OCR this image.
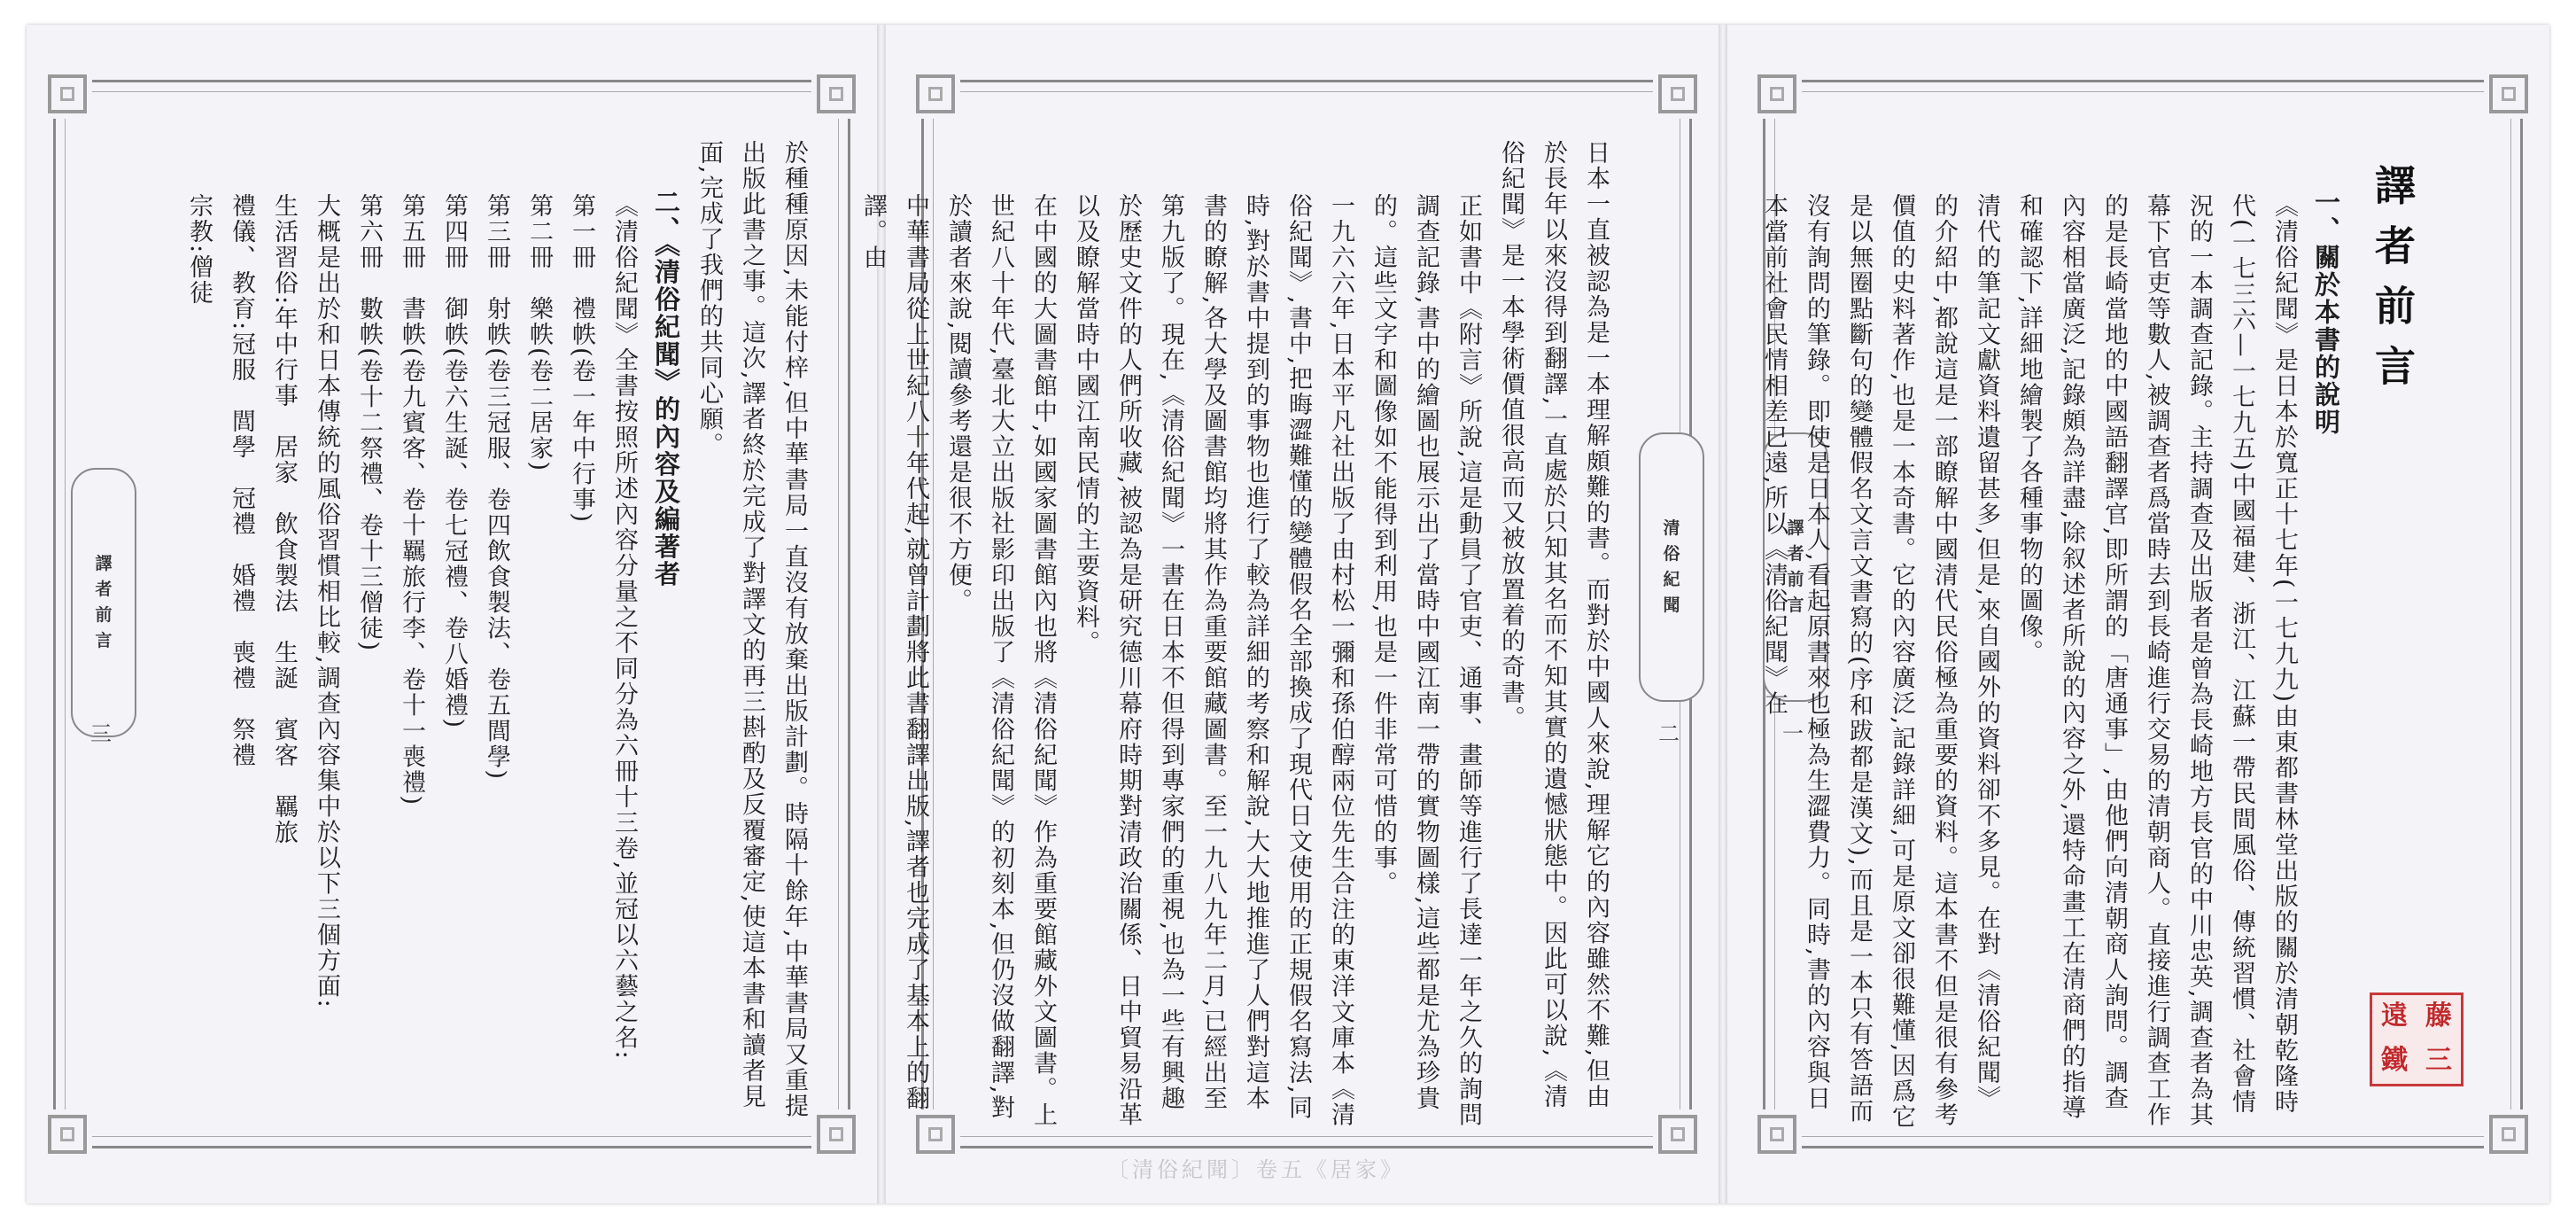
譯
者
前
言
三	於種種原因,未能付梓,但中華書局一直沒有放棄出版計劃。時隔十餘年,中華書局又重提出版此書之事。這次,譯者終於完成了對譯文的再三斟酌及反覆審定,使這本書和讀者見面,完成了我們的共同心願。

二、《清俗紀聞》的內容及編著者

《清俗紀聞》全書按照所述內容分量之不同分為六冊十三卷,並冠以六藝之名:

第一冊　禮帙(卷一年中行事)

第二冊　樂帙(卷二居家)

第三冊　射帙(卷三冠服、卷四飲食製法、卷五閭學)

第四冊　御帙(卷六生誕、卷七冠禮、卷八婚禮)

第五冊　書帙(卷九賓客、卷十羈旅行李、卷十一喪禮)

第六冊　數帙(卷十二祭禮、卷十三僧徒)

大概是出於和日本傳統的風俗習慣相比較,調查內容集中於以下三個方面:

生活習俗:年中行事　居家　飲食製法　生誕　賓客　羈旅

禮儀、教育:冠服　閭學　冠禮　婚禮　喪禮　祭禮

宗教:僧徒

清
俗
紀
聞
二

日本一直被認為是一本理解頗難的書。而對於中國人來說,理解它的內容雖然不難,但由於長年以來沒得到翻譯,一直處於只知其名而不知其實的遺憾狀態中。因此可以說,《清俗紀聞》是一本學術價值很高而又被放置着的奇書。

正如書中《附言》所說,這是動員了官吏、通事、畫師等進行了長達一年之久的詢問調查記錄,書中的繪圖也展示出了當時中國江南一帶的實物圖樣,這些都是尤為珍貴的。這些文字和圖像如不能得到利用,也是一件非常可惜的事。

一九六六年,日本平凡社出版了由村松一彌和孫伯醇兩位先生合注的東洋文庫本《清俗紀聞》,書中,把晦澀難懂的變體假名全部換成了現代日文使用的正規假名寫法,同時,對於書中提到的事物也進行了較為詳細的考察和解說,大大地推進了人們對這本書的瞭解,各大學及圖書館均將其作為重要館藏圖書。至一九八九年二月,已經出至第九版了。現在,《清俗紀聞》一書在日本不但得到專家們的重視,也為一些有興趣於歷史文件的人們所收藏,被認為是研究德川幕府時期對清政治關係、日中貿易沿革以及瞭解當時中國江南民情的主要資料。

在中國的大圖書館中,如國家圖書館內也將《清俗紀聞》作為重要館藏外文圖書。上世紀八十年代,臺北大立出版社影印出版了《清俗紀聞》的初刻本,但仍沒做翻譯,對於讀者來說,閱讀參考還是很不方便。

中華書局從上世紀八十年代起,就曾計劃將此書翻譯出版,譯者也完成了基本上的翻譯。由

譯
者
前
言
一

一、關於本書的說明

《清俗紀聞》是日本於寬正十七年(一七九九)由東都書林堂出版的關於清朝乾隆時代(一七三六—一七九五)中國福建、浙江、江蘇一帶民間風俗、傳統習慣、社會情況的一本調查記錄。主持調查及出版者是曾為長崎地方長官的中川忠英,調查者為其幕下官吏等數人,被調查者爲當時去到長崎進行交易的清朝商人。直接進行調查工作的是長崎當地的中國語翻譯官,即所謂的「唐通事」,由他們向清朝商人詢問。調查內容相當廣泛,記錄頗為詳盡,除叙述者所說的內容之外,還特命畫工在清商們的指導和確認下,詳細地繪製了各種事物的圖像。

清代的筆記文獻資料遺留甚多,但是,來自國外的資料卻不多見。在對《清俗紀聞》的介紹中,都說這是一部瞭解中國清代民俗極為重要的資料。這本書不但是很有參考價值的史料著作,也是一本奇書。它的內容廣泛,記錄詳細,可是原文卻很難懂,因爲它是以無圈點斷句的變體假名文言文書寫的(序和跋都是漢文),而且是一本只有答語而沒有詢問的筆錄。即使是日本人,看起原書來也極為生澀費力。同時,書的內容與日本當前社會民情相差已遠,所以《清俗紀聞》在	譯者前言
遠 藤
鐵 三
〔清俗紀聞〕卷五《居家》
